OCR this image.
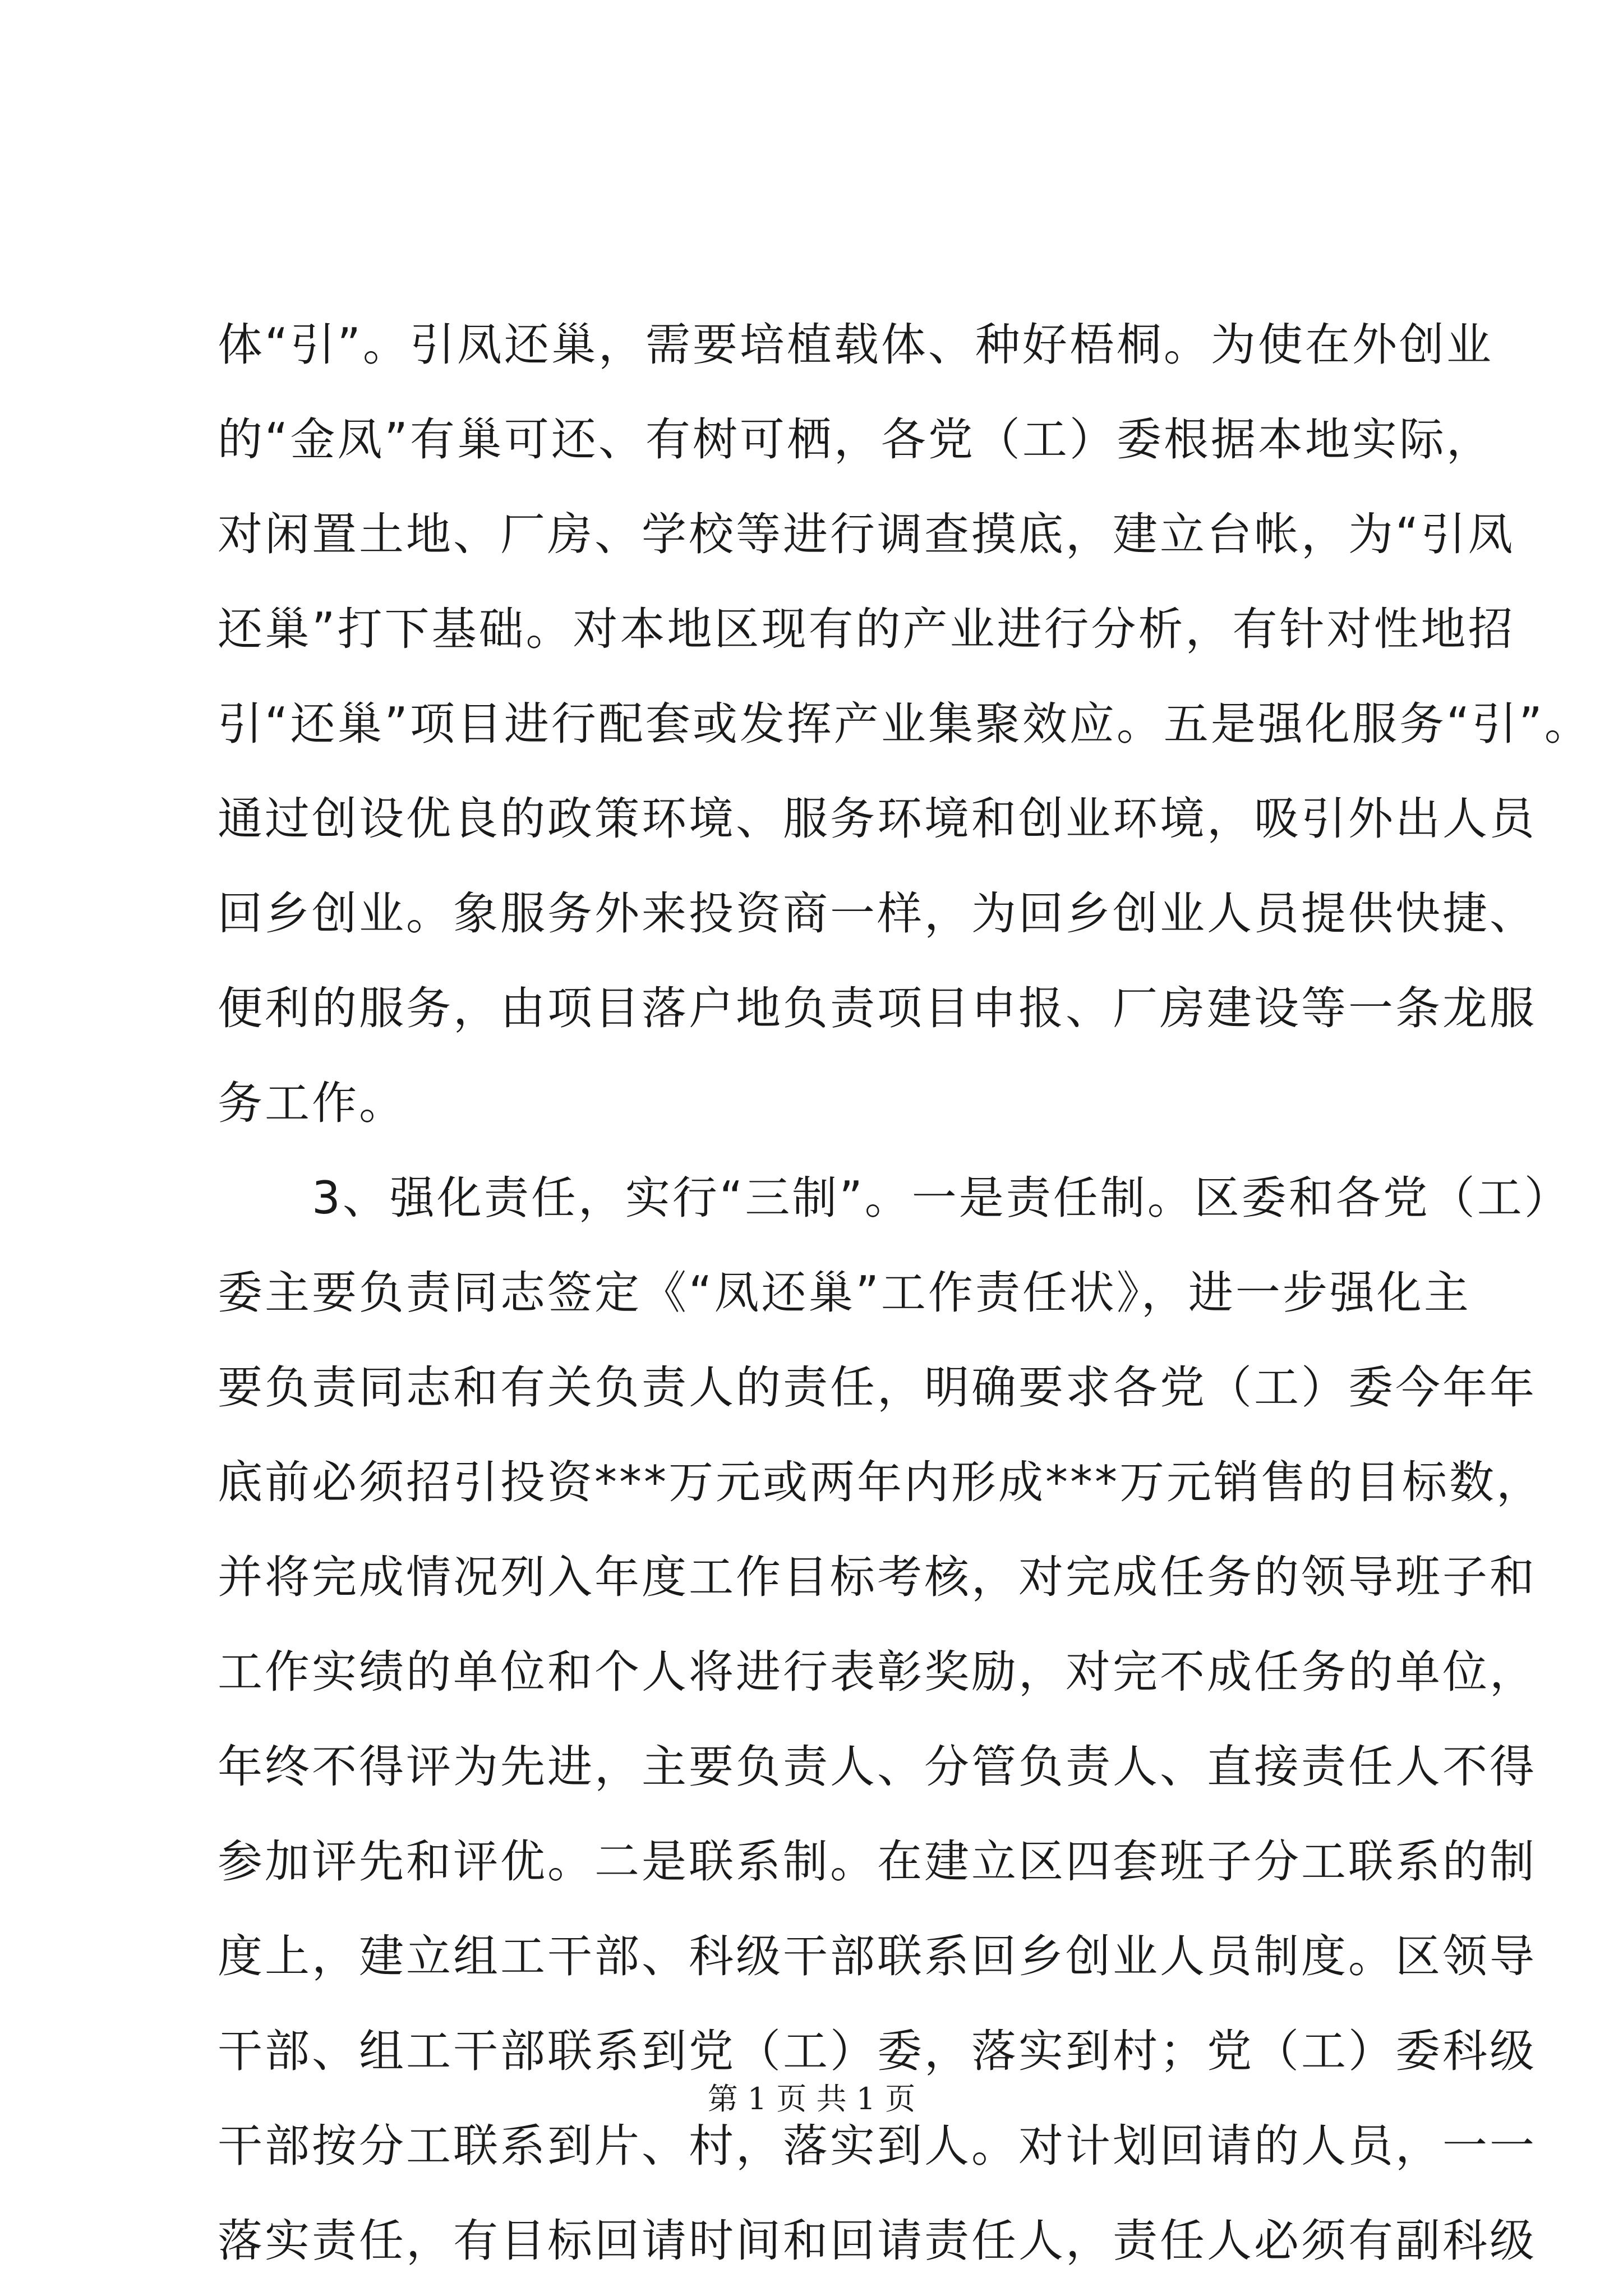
体“引”。引凤还巢，需要培植载体、种好梧桐。为使在外创业
的“金凤”有巢可还、有树可栖，各党（工）委根据本地实际，
对闲置土地、厂房、学校等进行调查摸底，建立台帐，为“引凤
还巢”打下基础。对本地区现有的产业进行分析，有针对性地招
引“还巢”项目进行配套或发挥产业集聚效应。五是强化服务“引”。
通过创设优良的政策环境、服务环境和创业环境，吸引外出人员
回乡创业。象服务外来投资商一样，为回乡创业人员提供快捷、
便利的服务，由项目落户地负责项目申报、厂房建设等一条龙服
务工作。
　　3、强化责任，实行“三制”。一是责任制。区委和各党（工）
委主要负责同志签定《“凤还巢”工作责任状》，进一步强化主
要负责同志和有关负责人的责任，明确要求各党（工）委今年年
底前必须招引投资***万元或两年内形成***万元销售的目标数，
并将完成情况列入年度工作目标考核，对完成任务的领导班子和
工作实绩的单位和个人将进行表彰奖励，对完不成任务的单位，
年终不得评为先进，主要负责人、分管负责人、直接责任人不得
参加评先和评优。二是联系制。在建立区四套班子分工联系的制
度上，建立组工干部、科级干部联系回乡创业人员制度。区领导
干部、组工干部联系到党（工）委，落实到村；党（工）委科级
干部按分工联系到片、村，落实到人。对计划回请的人员，一一
落实责任，有目标回请时间和回请责任人，责任人必须有副科级
第 1 页 共 1 页
